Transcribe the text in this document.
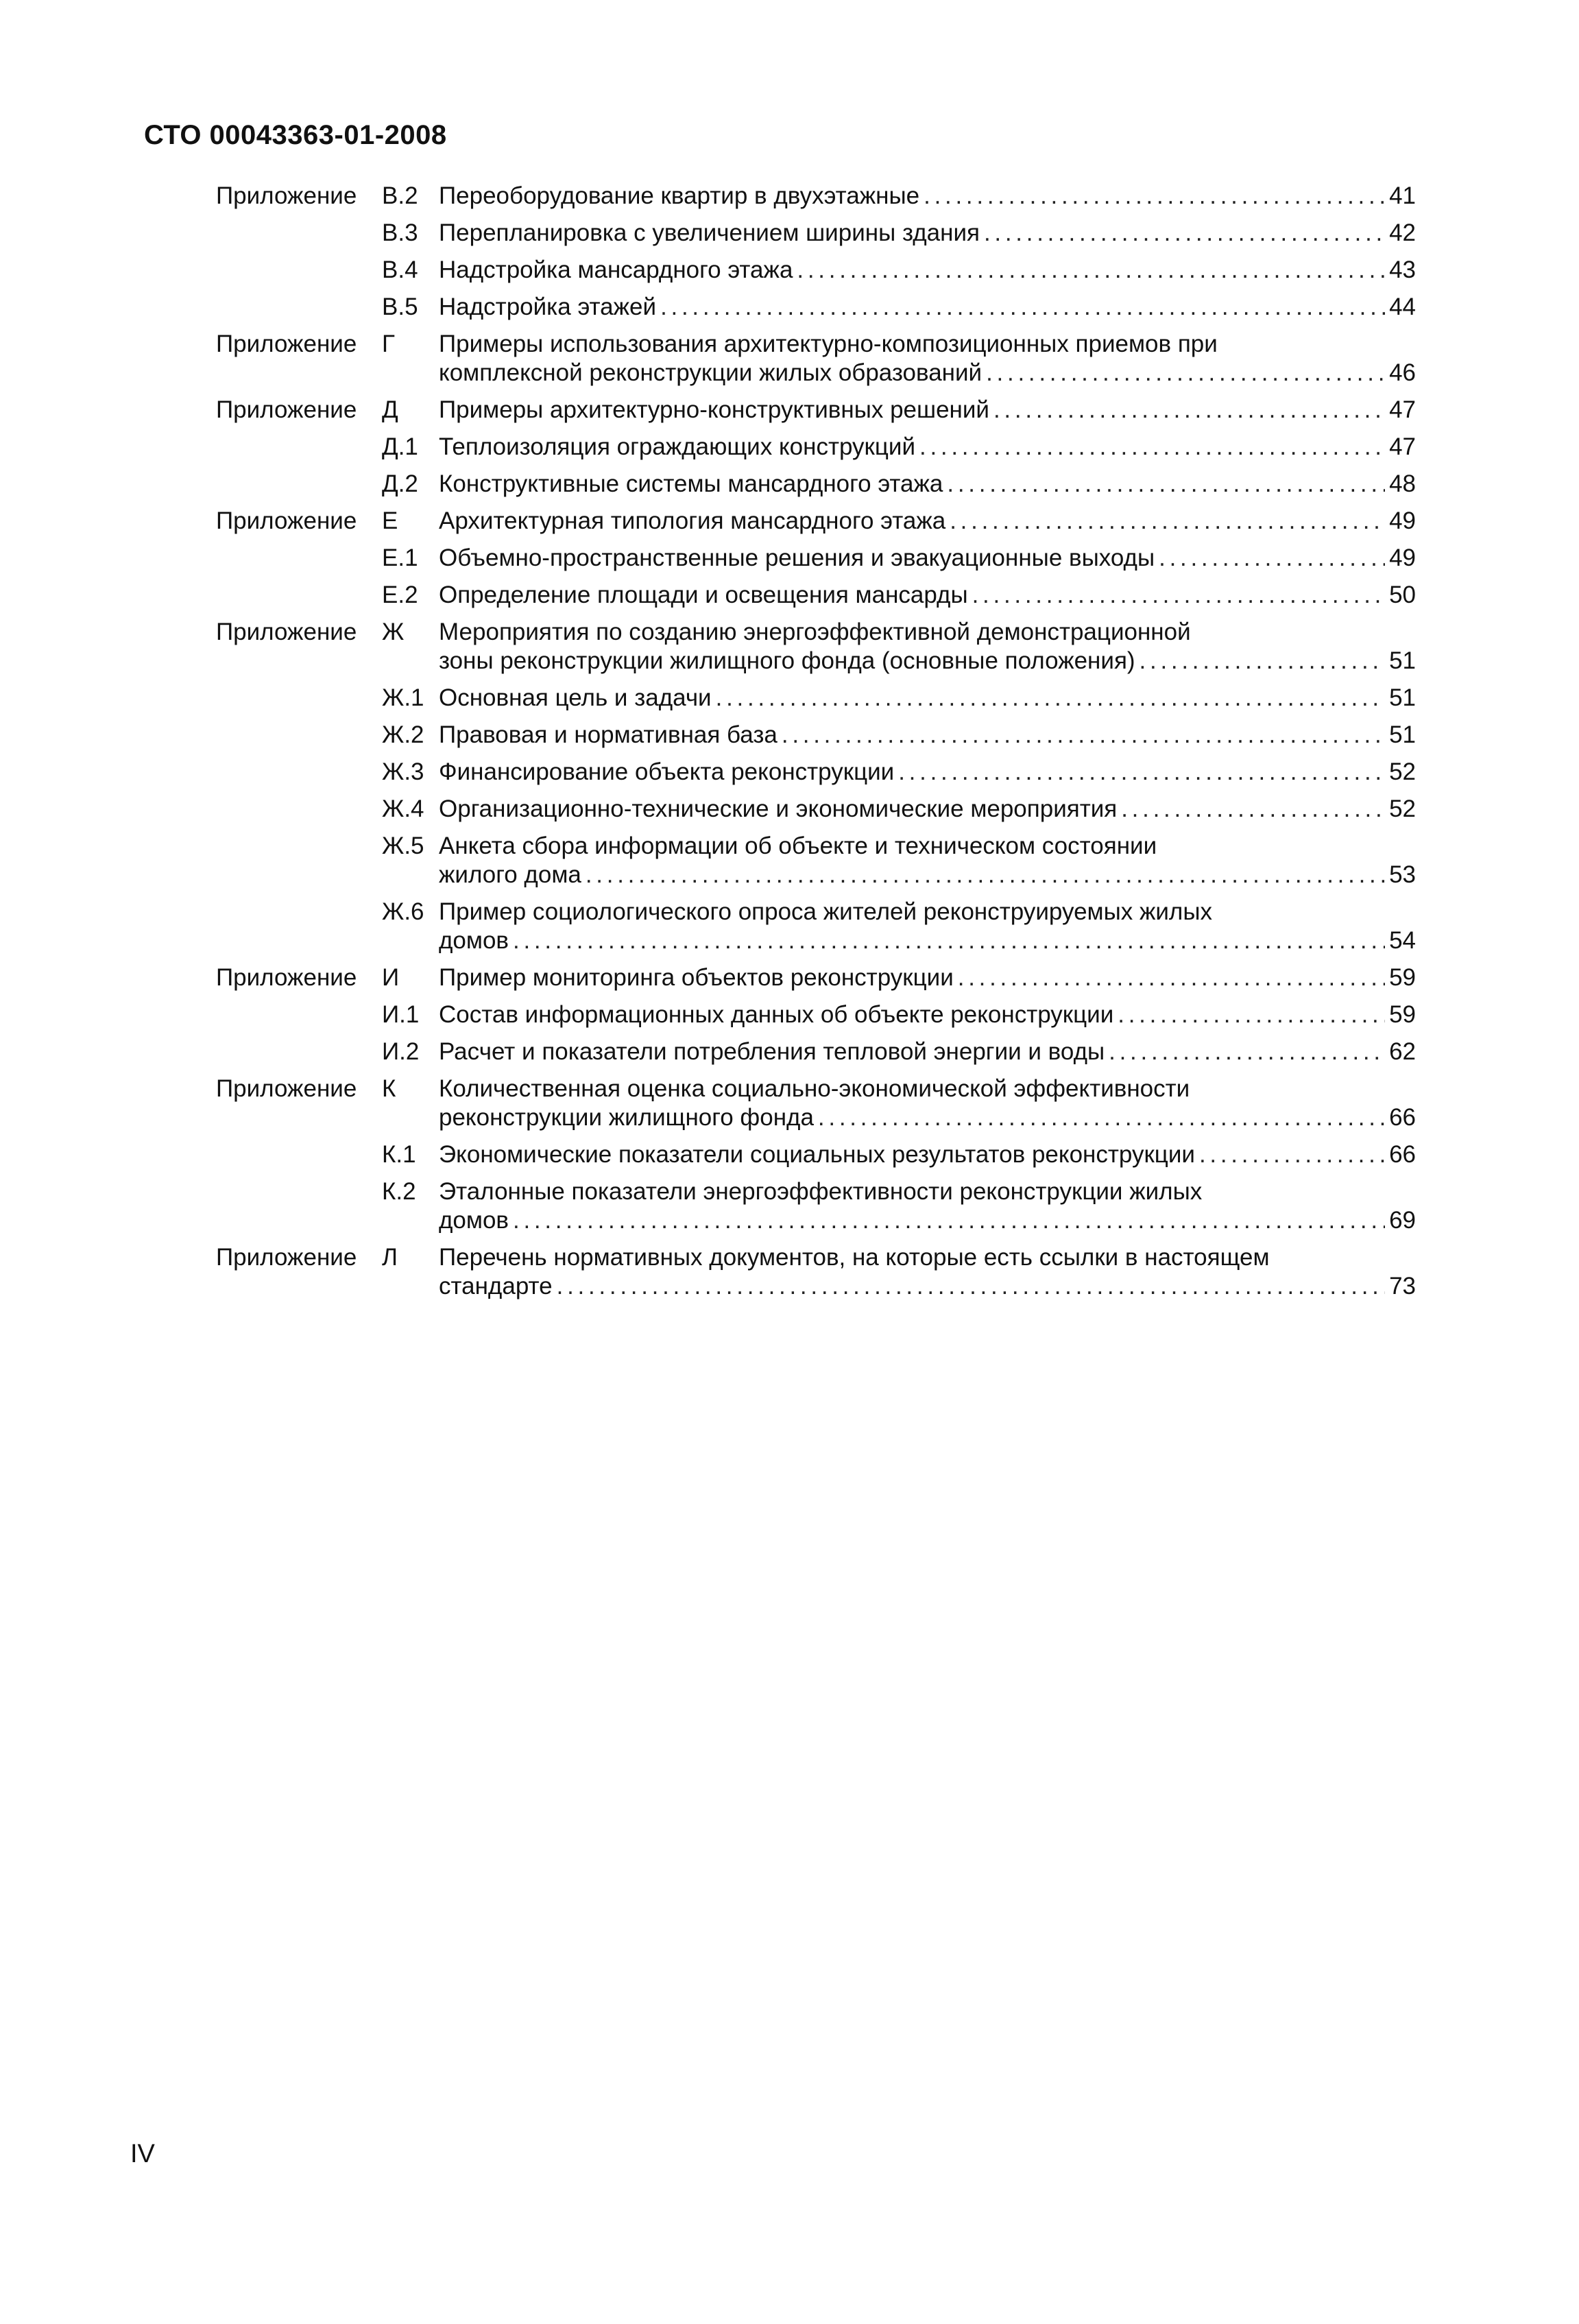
СТО 00043363-01-2008
Приложение	В.2 Переоборудование квартир в двухэтажные . . .	41
В.3 Перепланировка с увеличением ширины здания . . .	42
В.4 Надстройка мансардного этажа . . .	43
В.5 Надстройка этажей . . .	44
Приложение	Г	Примеры использования архитектурно-композиционных приемов при
комплексной реконструкции жилых образований . . .	46
Приложение	Д	Примеры архитектурно-конструктивных решений . . .	47
Д.1 Теплоизоляция ограждающих конструкций . . .	47
Д.2 Конструктивные системы мансардного этажа . . .	48
Приложение	Е	Архитектурная типология мансардного этажа . . .	49
Е.1 Объемно-пространственные решения и эвакуационные выходы . . .	49
Е.2 Определение площади и освещения мансарды . . .	50
Приложение	Ж	Мероприятия по созданию энергоэффективной демонстрационной
зоны реконструкции жилищного фонда (основные положения) . . .	51
Ж.1 Основная цель и задачи . . .	51
Ж.2 Правовая и нормативная база . . .	51
Ж.3 Финансирование объекта реконструкции . . .	52
Ж.4 Организационно-технические и экономические мероприятия . . .	52
Ж.5 Анкета сбора информации об объекте и техническом состоянии
жилого дома . . .	53
Ж.6 Пример социологического опроса жителей реконструируемых жилых
домов . . .	54
Приложение	И	Пример мониторинга объектов реконструкции . . .	59
И.1 Состав информационных данных об объекте реконструкции . . .	59
И.2 Расчет и показатели потребления тепловой энергии и воды . . .	62
Приложение	К	Количественная оценка социально-экономической эффективности
реконструкции жилищного фонда . . .	66
К.1 Экономические показатели социальных результатов реконструкции . . .	66
К.2 Эталонные показатели энергоэффективности реконструкции жилых
домов . . .	69
Приложение	Л	Перечень нормативных документов, на которые есть ссылки в настоящем
стандарте . . .	73
IV
